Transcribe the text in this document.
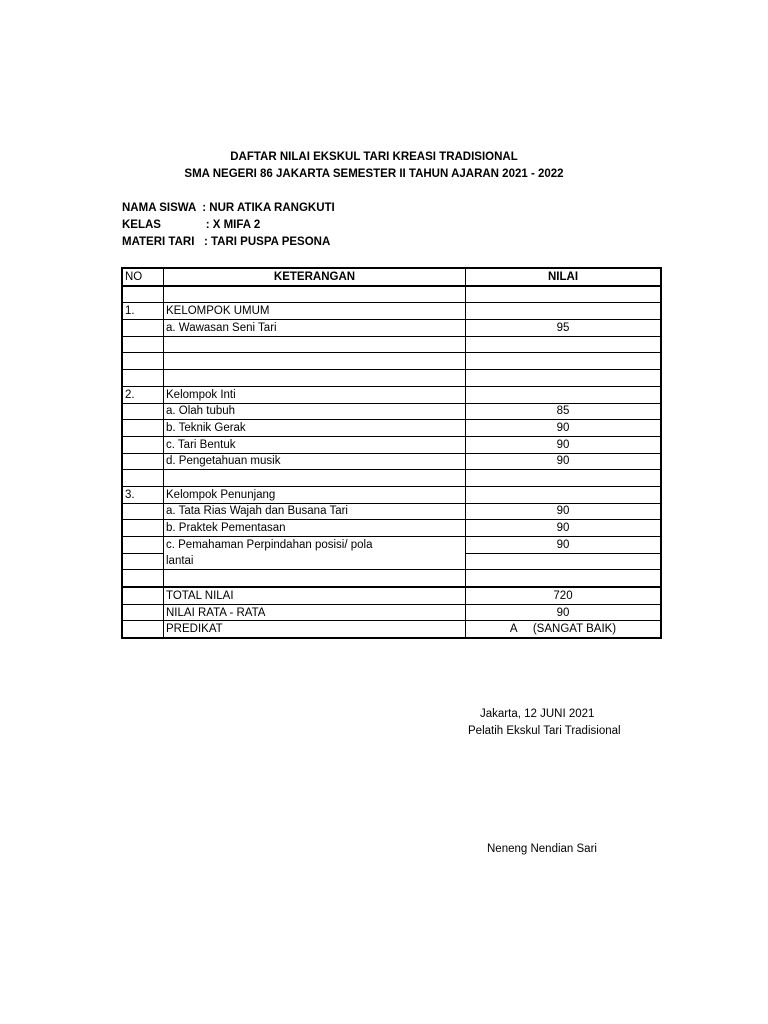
DAFTAR NILAI EKSKUL TARI KREASI TRADISIONAL
SMA NEGERI 86 JAKARTA SEMESTER II TAHUN AJARAN 2021 - 2022
NAMA SISWA  : NUR ATIKA RANGKUTI
KELAS              : X MIFA 2
MATERI TARI   : TARI PUSPA PESONA
NO	KETERANGAN	NILAI

1.	KELOMPOK UMUM	
	a. Wawasan Seni Tari	95

2.	Kelompok Inti	
	a. Olah tubuh	85
	b. Teknik Gerak	90
	c. Tari Bentuk	90
	d. Pengetahuan musik	90

3.	Kelompok Penunjang	
	a. Tata Rias Wajah dan Busana Tari	90
	b. Praktek Pementasan	90
	c. Pemahaman Perpindahan posisi/ pola	90
	lantai	

	TOTAL NILAI	720
	NILAI RATA - RATA	90
	PREDIKAT	A     (SANGAT BAIK)
Jakarta, 12 JUNI 2021
Pelatih Ekskul Tari Tradisional
Neneng Nendian Sari
